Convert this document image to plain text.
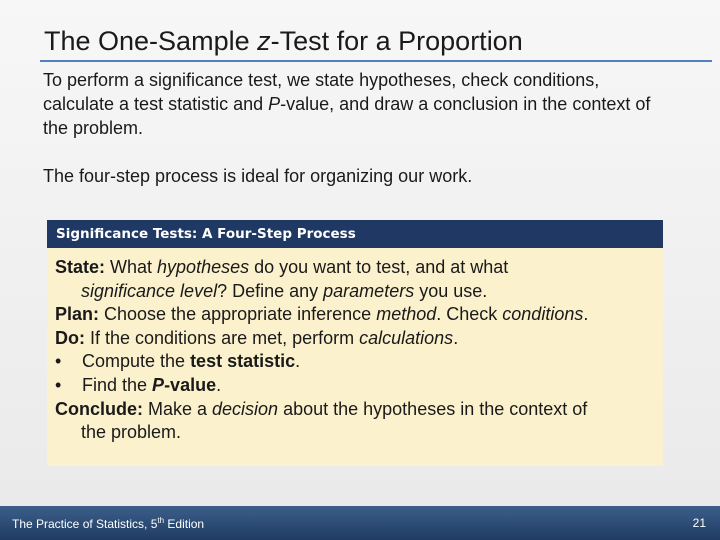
The One-Sample z-Test for a Proportion

To perform a significance test, we state hypotheses, check conditions, calculate a test statistic and P-value, and draw a conclusion in the context of the problem.

The four-step process is ideal for organizing our work.

Significance Tests: A Four-Step Process
State: What hypotheses do you want to test, and at what
significance level? Define any parameters you use.
Plan: Choose the appropriate inference method. Check conditions.
Do: If the conditions are met, perform calculations.
• Compute the test statistic.
• Find the P-value.
Conclude: Make a decision about the hypotheses in the context of
the problem.
The Practice of Statistics, 5th Edition	21
